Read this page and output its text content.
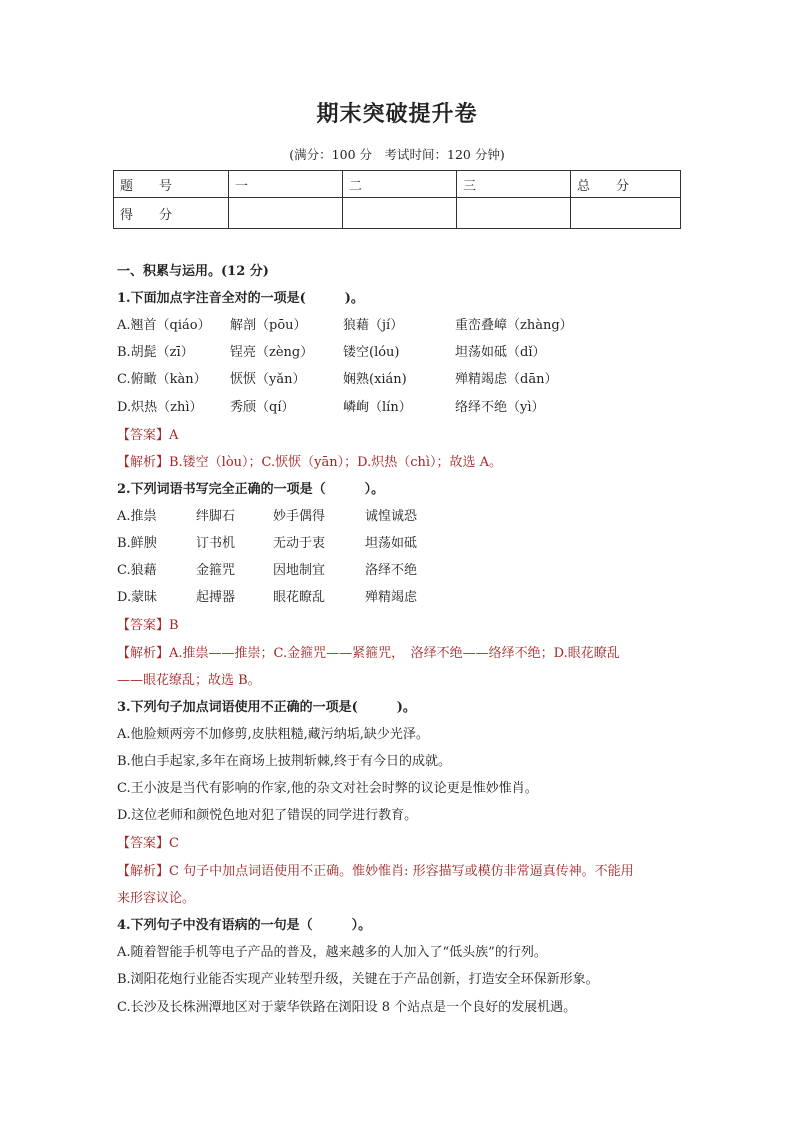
期末突破提升卷
(满分：100 分　考试时间：120 分钟)
题　　号	一	二	三	总　　分
得　　分				
一、积累与运用。(12 分)
1.下面加点字注音全对的一项是(　　　)。
A.翘首（qiáo） 解剖（pōu）	狼藉（jí）	重峦叠嶂（zhàng）
B.胡髭（zī）	锃亮（zèng） 镂空(lóu)	坦荡如砥（dǐ）
C.俯瞰（kàn） 恹恹（yǎn）	娴熟(xián)	殚精竭虑（dān）
D.炽热（zhì） 秀颀（qí）	嶙峋（lín）	络绎不绝（yì）
【答案】A
【解析】B.镂空（lòu）；C.恹恹（yān）；D.炽热（chì）；故选 A。
2.下列词语书写完全正确的一项是（　　　）。
A.推祟	绊脚石	妙手偶得	诚惶诚恐
B.鲜腴	订书机	无动于衷	坦荡如砥
C.狼藉	金箍咒	因地制宜	洛绎不绝
D.蒙昧	起搏器	眼花瞭乱	殚精竭虑
【答案】B
【解析】A.推祟——推崇；C.金箍咒——紧箍咒，　洛绎不绝——络绎不绝；D.眼花瞭乱
——眼花缭乱；故选 B。
3.下列句子加点词语使用不正确的一项是(　　　)。
A.他脸颊两旁不加修剪,皮肤粗糙,藏污纳垢,缺少光泽。
B.他白手起家,多年在商场上披荆斩棘,终于有今日的成就。
C.王小波是当代有影响的作家,他的杂文对社会时弊的议论更是惟妙惟肖。
D.这位老师和颜悦色地对犯了错误的同学进行教育。
【答案】C
【解析】C 句子中加点词语使用不正确。惟妙惟肖: 形容描写或模仿非常逼真传神。不能用
来形容议论。
4.下列句子中没有语病的一句是（　　　）。
A.随着智能手机等电子产品的普及，越来越多的人加入了“低头族”的行列。
B.浏阳花炮行业能否实现产业转型升级，关键在于产品创新，打造安全环保新形象。
C.长沙及长株洲潭地区对于蒙华铁路在浏阳设 8 个站点是一个良好的发展机遇。
